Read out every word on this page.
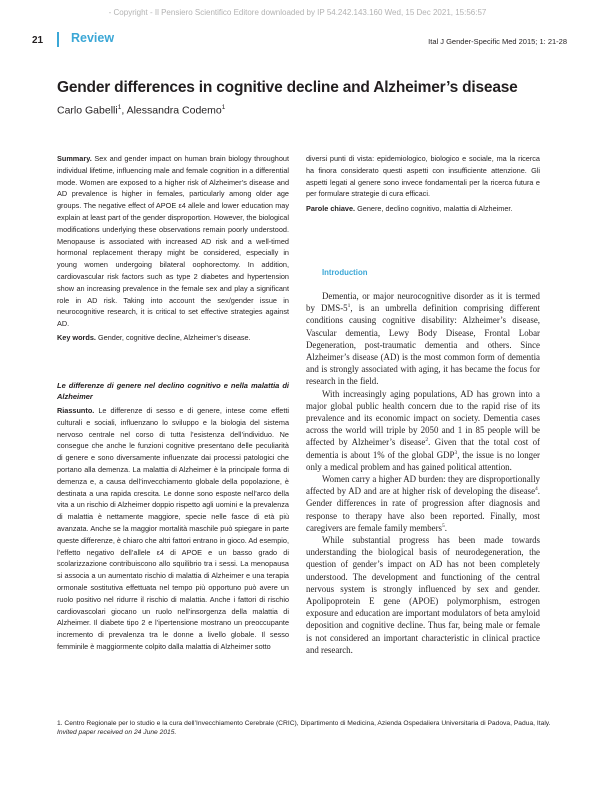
- Copyright - Il Pensiero Scientifico Editore downloaded by IP 54.242.143.160 Wed, 15 Dec 2021, 15:56:57
21 Review	Ital J Gender-Specific Med 2015; 1: 21-28
Gender differences in cognitive decline and Alzheimer’s disease
Carlo Gabelli$^1$, Alessandra Codemo$^1$

Summary. Sex and gender impact on human brain biology throughout individual lifetime, influencing male and female cognition in a differential mode. Women are exposed to a higher risk of Alzheimer’s disease and AD prevalence is higher in females, particularly among older age groups. The negative effect of APOE ε4 allele and lower education may explain at least part of the gender disproportion. However, the biological modifications underlying these observations remain poorly understood. Menopause is associated with increased AD risk and a well-timed hormonal replacement therapy might be considered, especially in young women undergoing bilateral oophorectomy. In addition, cardiovascular risk factors such as type 2 diabetes and hypertension show an increasing prevalence in the female sex and play a significant role in AD risk. Taking into account the sex/gender issue in neurocognitive research, it is critical to set effective strategies against AD.

Key words. Gender, cognitive decline, Alzheimer’s disease.

Le differenze di genere nel declino cognitivo e nella malattia di Alzheimer

Riassunto. Le differenze di sesso e di genere, intese come effetti culturali e sociali, influenzano lo sviluppo e la biologia del sistema nervoso centrale nel corso di tutta l’esistenza dell’individuo. Ne consegue che anche le funzioni cognitive presentano delle peculiarità di genere e sono diversamente influenzate dai processi patologici che portano alla demenza. La malattia di Alzheimer è la principale forma di demenza e, a causa dell’invecchiamento globale della popolazione, è destinata a una rapida crescita. Le donne sono esposte nell’arco della vita a un rischio di Alzheimer doppio rispetto agli uomini e la prevalenza di malattia è nettamente maggiore, specie nelle fasce di età più avanzata. Anche se la maggior mortalità maschile può spiegare in parte queste differenze, è chiaro che altri fattori entrano in gioco. Ad esempio, l’effetto negativo dell’allele ε4 di APOE e un basso grado di scolarizzazione contribuiscono allo squilibrio tra i sessi. La menopausa si associa a un aumentato rischio di malattia di Alzheimer e una terapia ormonale sostitutiva effettuata nel tempo più opportuno può avere un ruolo positivo nel ridurre il rischio di malattia. Anche i fattori di rischio cardiovascolari giocano un ruolo nell’insorgenza della malattia di Alzheimer. Il diabete tipo 2 e l’ipertensione mostrano un preoccupante incremento di prevalenza tra le donne a livello globale. Il sesso femminile è maggiormente colpito dalla malattia di Alzheimer sotto

diversi punti di vista: epidemiologico, biologico e sociale, ma la ricerca ha finora considerato questi aspetti con insufficiente attenzione. Gli aspetti legati al genere sono invece fondamentali per la ricerca futura e per formulare strategie di cura efficaci.

Parole chiave. Genere, declino cognitivo, malattia di Alzheimer.

Introduction

Dementia, or major neurocognitive disorder as it is termed by DMS-$5^1$, is an umbrella definition comprising different conditions causing cognitive disability: Alzheimer’s disease, Vascular dementia, Lewy Body Disease, Frontal Lobar Degeneration, post-traumatic dementia and others. Since Alzheimer’s disease (AD) is the most common form of dementia and is strongly associated with aging, it has became the focus for research in the field.

With increasingly aging populations, AD has grown into a major global public health concern due to the rapid rise of its prevalence and its economic impact on society. Dementia cases across the world will triple by 2050 and 1 in 85 people will be affected by Alzheimer’s disease$^2$. Given that the total cost of dementia is about 1% of the global GDP$^3$, the issue is no longer only a medical problem and has gained political attention.

Women carry a higher AD burden: they are disproportionally affected by AD and are at higher risk of developing the disease$^4$. Gender differences in rate of progression after diagnosis and response to therapy have also been reported. Finally, most caregivers are female family members$^5$.

While substantial progress has been made towards understanding the biological basis of neurodegeneration, the question of gender’s impact on AD has not been completely understood. The development and functioning of the central nervous system is strongly influenced by sex and gender. Apolipoprotein E gene (APOE) polymorphism, estrogen exposure and education are important modulators of beta amyloid deposition and cognitive decline. Thus far, being male or female is not considered an important characteristic in clinical practice and research.

1. Centro Regionale per lo studio e la cura dell’Invecchiamento Cerebrale (CRIC), Dipartimento di Medicina, Azienda Ospedaliera Universitaria di Padova, Padua, Italy.
Invited paper received on 24 June 2015.
